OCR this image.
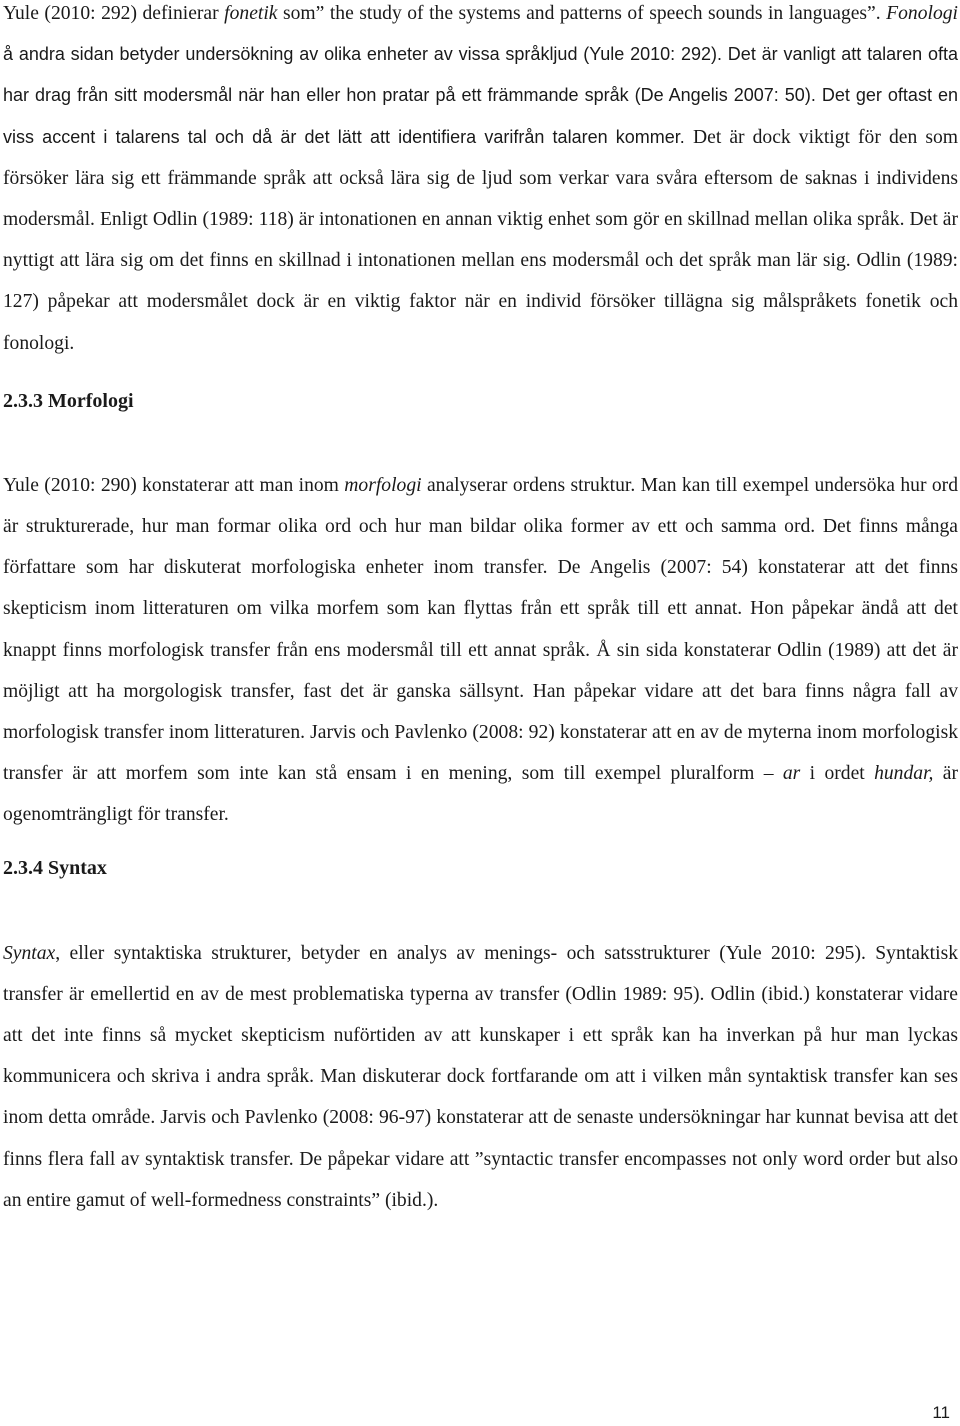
Yule (2010: 292) definierar fonetik som” the study of the systems and patterns of speech sounds in languages”. Fonologi å andra sidan betyder undersökning av olika enheter av vissa språkljud (Yule 2010: 292). Det är vanligt att talaren ofta har drag från sitt modersmål när han eller hon pratar på ett främmande språk (De Angelis 2007: 50). Det ger oftast en viss accent i talarens tal och då är det lätt att identifiera varifrån talaren kommer. Det är dock viktigt för den som försöker lära sig ett främmande språk att också lära sig de ljud som verkar vara svåra eftersom de saknas i individens modersmål. Enligt Odlin (1989: 118) är intonationen en annan viktig enhet som gör en skillnad mellan olika språk. Det är nyttigt att lära sig om det finns en skillnad i intonationen mellan ens modersmål och det språk man lär sig. Odlin (1989: 127) påpekar att modersmålet dock är en viktig faktor när en individ försöker tillägna sig målspråkets fonetik och fonologi.

2.3.3 Morfologi

Yule (2010: 290) konstaterar att man inom morfologi analyserar ordens struktur. Man kan till exempel undersöka hur ord är strukturerade, hur man formar olika ord och hur man bildar olika former av ett och samma ord. Det finns många författare som har diskuterat morfologiska enheter inom transfer. De Angelis (2007: 54) konstaterar att det finns skepticism inom litteraturen om vilka morfem som kan flyttas från ett språk till ett annat. Hon påpekar ändå att det knappt finns morfologisk transfer från ens modersmål till ett annat språk. Å sin sida konstaterar Odlin (1989) att det är möjligt att ha morgologisk transfer, fast det är ganska sällsynt. Han påpekar vidare att det bara finns några fall av morfologisk transfer inom litteraturen. Jarvis och Pavlenko (2008: 92) konstaterar att en av de myterna inom morfologisk transfer är att morfem som inte kan stå ensam i en mening, som till exempel pluralform – ar i ordet hundar, är ogenomträngligt för transfer.

2.3.4 Syntax

Syntax, eller syntaktiska strukturer, betyder en analys av menings- och satsstrukturer (Yule 2010: 295). Syntaktisk transfer är emellertid en av de mest problematiska typerna av transfer (Odlin 1989: 95). Odlin (ibid.) konstaterar vidare att det inte finns så mycket skepticism nuförtiden av att kunskaper i ett språk kan ha inverkan på hur man lyckas kommunicera och skriva i andra språk. Man diskuterar dock fortfarande om att i vilken mån syntaktisk transfer kan ses inom detta område. Jarvis och Pavlenko (2008: 96-97) konstaterar att de senaste undersökningar har kunnat bevisa att det finns flera fall av syntaktisk transfer. De påpekar vidare att ”syntactic transfer encompasses not only word order but also an entire gamut of well-formedness constraints” (ibid.).

11
